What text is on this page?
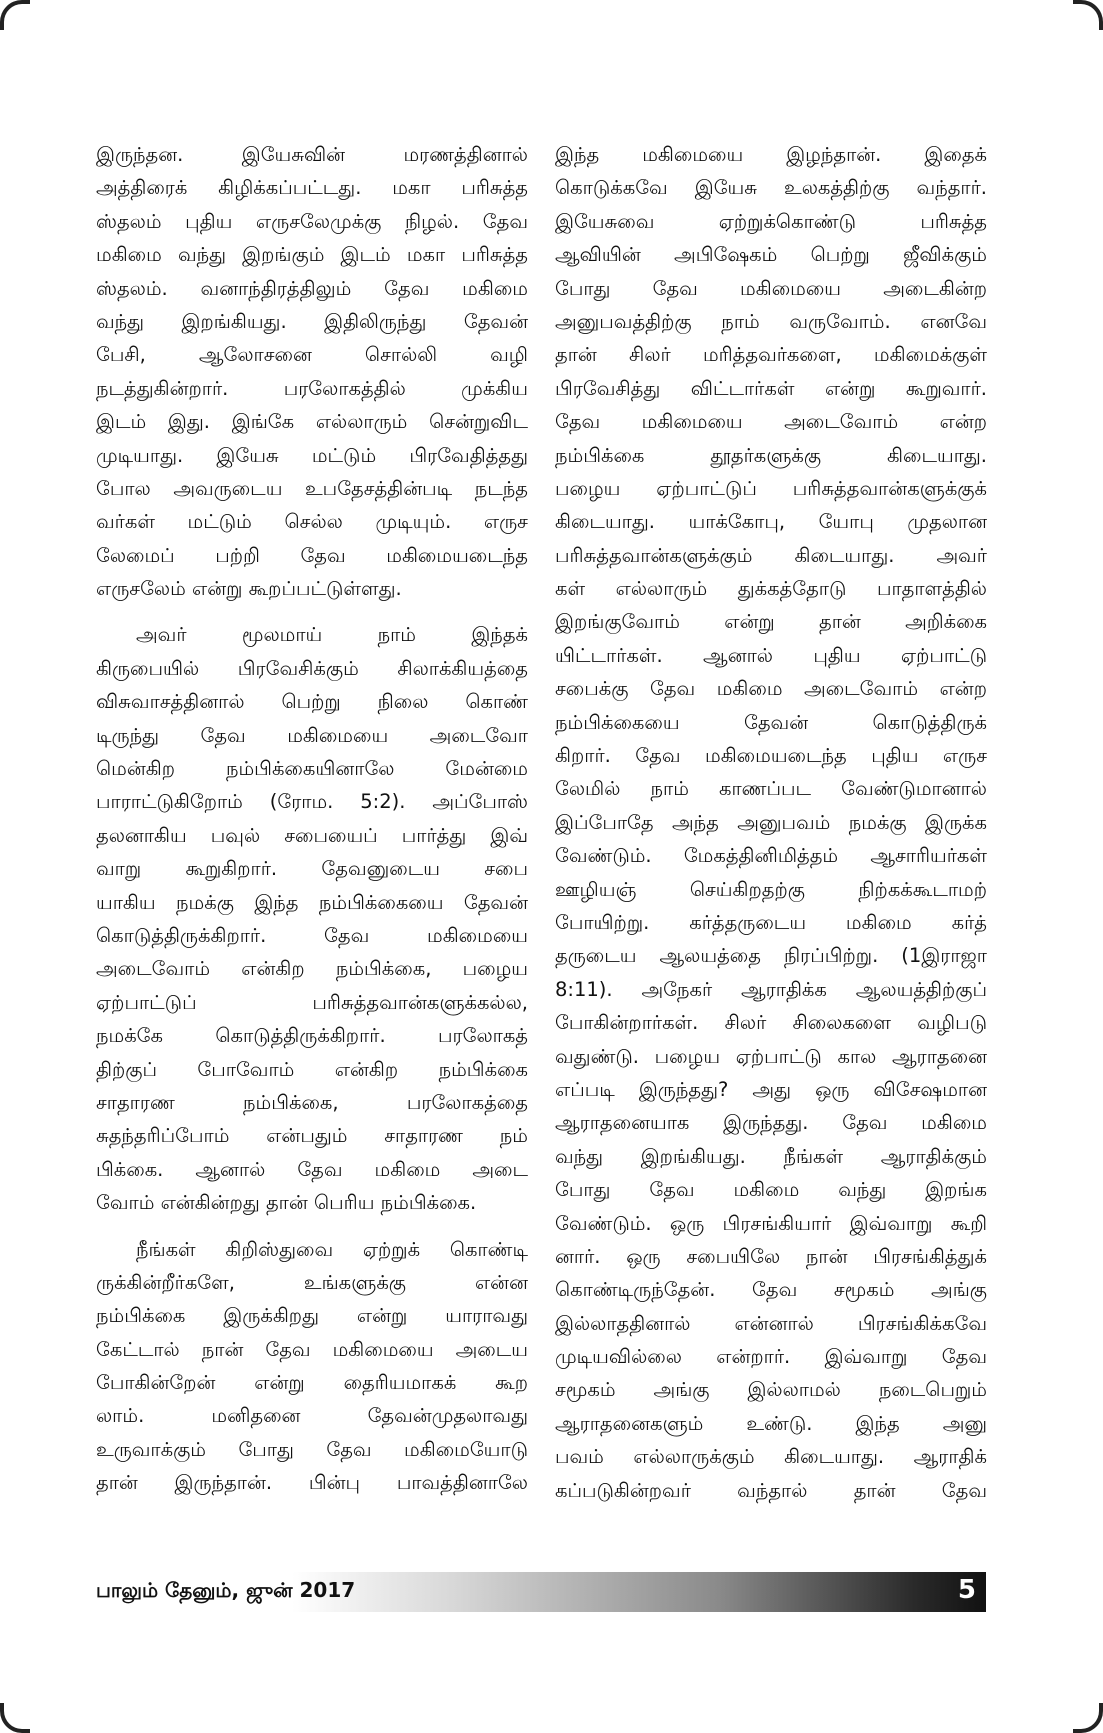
இருந்தன. இயேசுவின் மரணத்தினால்
அத்திரைக் கிழிக்கப்பட்டது. மகா பரிசுத்த
ஸ்தலம் புதிய எருசலேமுக்கு நிழல். தேவ
மகிமை வந்து இறங்கும் இடம் மகா பரிசுத்த
ஸ்தலம். வனாந்திரத்திலும் தேவ மகிமை
வந்து இறங்கியது. இதிலிருந்து தேவன்
பேசி, ஆலோசனை சொல்லி வழி
நடத்துகின்றார். பரலோகத்தில் முக்கிய
இடம் இது. இங்கே எல்லாரும் சென்றுவிட
முடியாது. இயேசு மட்டும் பிரவேதித்தது
போல அவருடைய உபதேசத்தின்படி நடந்த
வர்கள் மட்டும் செல்ல முடியும். எருச
லேமைப் பற்றி தேவ மகிமையடைந்த
எருசலேம் என்று கூறப்பட்டுள்ளது.
அவர் மூலமாய் நாம் இந்தக்
கிருபையில் பிரவேசிக்கும் சிலாக்கியத்தை
விசுவாசத்தினால் பெற்று நிலை கொண்
டிருந்து தேவ மகிமையை அடைவோ
மென்கிற நம்பிக்கையினாலே மேன்மை
பாராட்டுகிறோம் (ரோம. 5:2). அப்போஸ்
தலனாகிய பவுல் சபையைப் பார்த்து இவ்
வாறு கூறுகிறார். தேவனுடைய சபை
யாகிய நமக்கு இந்த நம்பிக்கையை தேவன்
கொடுத்திருக்கிறார். தேவ மகிமையை
அடைவோம் என்கிற நம்பிக்கை, பழைய
ஏற்பாட்டுப் பரிசுத்தவான்களுக்கல்ல,
நமக்கே கொடுத்திருக்கிறார். பரலோகத்
திற்குப் போவோம் என்கிற நம்பிக்கை
சாதாரண நம்பிக்கை, பரலோகத்தை
சுதந்தரிப்போம் என்பதும் சாதாரண நம்
பிக்கை. ஆனால் தேவ மகிமை அடை
வோம் என்கின்றது தான் பெரிய நம்பிக்கை.
நீங்கள் கிறிஸ்துவை ஏற்றுக் கொண்டி
ருக்கின்றீர்களே, உங்களுக்கு என்ன
நம்பிக்கை இருக்கிறது என்று யாராவது
கேட்டால் நான் தேவ மகிமையை அடைய
போகின்றேன் என்று தைரியமாகக் கூற
லாம். மனிதனை தேவன்முதலாவது
உருவாக்கும் போது தேவ மகிமையோடு
தான் இருந்தான். பின்பு பாவத்தினாலே
இந்த மகிமையை இழந்தான். இதைக்
கொடுக்கவே இயேசு உலகத்திற்கு வந்தார்.
இயேசுவை ஏற்றுக்கொண்டு பரிசுத்த
ஆவியின் அபிஷேகம் பெற்று ஜீவிக்கும்
போது தேவ மகிமையை அடைகின்ற
அனுபவத்திற்கு நாம் வருவோம். எனவே
தான் சிலர் மரித்தவர்களை, மகிமைக்குள்
பிரவேசித்து விட்டார்கள் என்று கூறுவார்.
தேவ மகிமையை அடைவோம் என்ற
நம்பிக்கை தூதர்களுக்கு கிடையாது.
பழைய ஏற்பாட்டுப் பரிசுத்தவான்களுக்குக்
கிடையாது. யாக்கோபு, யோபு முதலான
பரிசுத்தவான்களுக்கும் கிடையாது. அவர்
கள் எல்லாரும் துக்கத்தோடு பாதாளத்தில்
இறங்குவோம் என்று தான் அறிக்கை
யிட்டார்கள். ஆனால் புதிய ஏற்பாட்டு
சபைக்கு தேவ மகிமை அடைவோம் என்ற
நம்பிக்கையை தேவன் கொடுத்திருக்
கிறார். தேவ மகிமையடைந்த புதிய எருச
லேமில் நாம் காணப்பட வேண்டுமானால்
இப்போதே அந்த அனுபவம் நமக்கு இருக்க
வேண்டும். மேகத்தினிமித்தம் ஆசாரியர்கள்
ஊழியஞ் செய்கிறதற்கு நிற்கக்கூடாமற்
போயிற்று. கர்த்தருடைய மகிமை கர்த்
தருடைய ஆலயத்தை நிரப்பிற்று. (1இராஜா
8:11). அநேகர் ஆராதிக்க ஆலயத்திற்குப்
போகின்றார்கள். சிலர் சிலைகளை வழிபடு
வதுண்டு. பழைய ஏற்பாட்டு கால ஆராதனை
எப்படி இருந்தது? அது ஒரு விசேஷமான
ஆராதனையாக இருந்தது. தேவ மகிமை
வந்து இறங்கியது. நீங்கள் ஆராதிக்கும்
போது தேவ மகிமை வந்து இறங்க
வேண்டும். ஒரு பிரசங்கியார் இவ்வாறு கூறி
னார். ஒரு சபையிலே நான் பிரசங்கித்துக்
கொண்டிருந்தேன். தேவ சமூகம் அங்கு
இல்லாததினால் என்னால் பிரசங்கிக்கவே
முடியவில்லை என்றார். இவ்வாறு தேவ
சமூகம் அங்கு இல்லாமல் நடைபெறும்
ஆராதனைகளும் உண்டு. இந்த அனு
பவம் எல்லாருக்கும் கிடையாது. ஆராதிக்
கப்படுகின்றவர் வந்தால் தான் தேவ
பாலும் தேனும், ஜுன் 2017	5
